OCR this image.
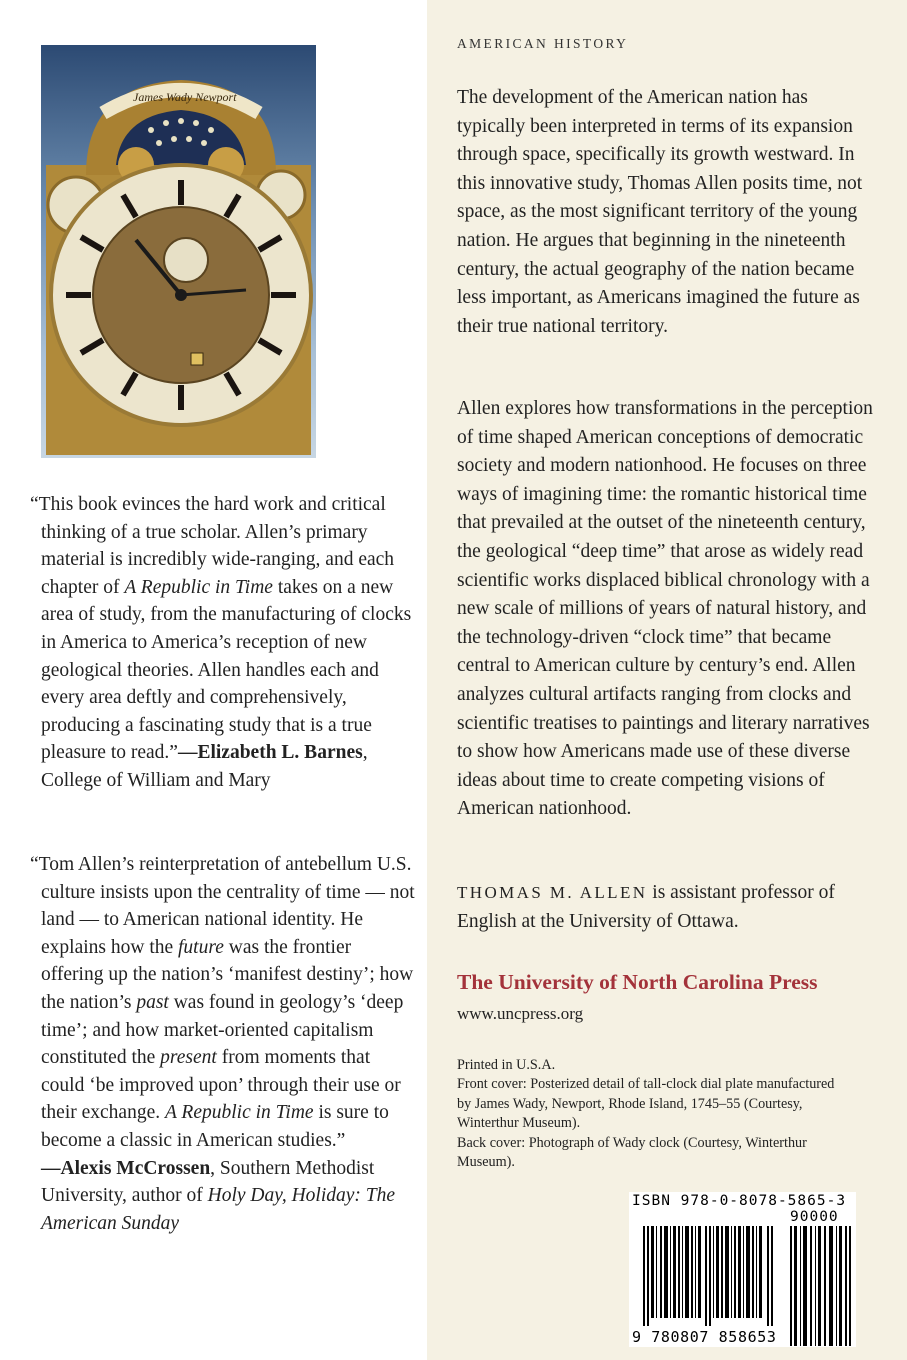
James Wady Newport

“This book evinces the hard work and critical thinking of a true scholar. Allen’s primary material is incredibly wide-ranging, and each chapter of A Republic in Time takes on a new area of study, from the manufacturing of clocks in America to America’s reception of new geological theories. Allen handles each and every area deftly and comprehensively, producing a fascinating study that is a true pleasure to read.”—Elizabeth L. Barnes, College of William and Mary

“Tom Allen’s reinterpretation of antebellum U.S. culture insists upon the centrality of time — not land — to American national identity. He explains how the future was the frontier offering up the nation’s ‘manifest destiny’; how the nation’s past was found in geology’s ‘deep time’; and how market-oriented capitalism constituted the present from moments that could ‘be improved upon’ through their use or their exchange. A Republic in Time is sure to become a classic in American studies.”

—Alexis McCrossen, Southern Methodist University, author of Holy Day, Holiday: The American Sunday

AMERICAN HISTORY
The development of the American nation has typically been interpreted in terms of its expansion through space, specifically its growth westward. In this innovative study, Thomas Allen posits time, not space, as the most significant territory of the young nation. He argues that beginning in the nineteenth century, the actual geography of the nation became less important, as Americans imagined the future as their true national territory.
Allen explores how transformations in the perception of time shaped American conceptions of democratic society and modern nationhood. He focuses on three ways of imagining time: the romantic historical time that prevailed at the outset of the nineteenth century, the geological “deep time” that arose as widely read scientific works displaced biblical chronology with a new scale of millions of years of natural history, and the technology-driven “clock time” that became central to American culture by century’s end. Allen analyzes cultural artifacts ranging from clocks and scientific treatises to paintings and literary narratives to show how Americans made use of these diverse ideas about time to create competing visions of American nationhood.
THOMAS M. ALLEN is assistant professor of English at the University of Ottawa.
The University of North Carolina Press
www.uncpress.org

Printed in U.S.A.

Front cover: Posterized detail of tall-clock dial plate manufactured by James Wady, Newport, Rhode Island, 1745–55 (Courtesy, Winterthur Museum).

Back cover: Photograph of Wady clock (Courtesy, Winterthur Museum).

ISBN 978-0-8078-5865-3
90000
9 780807 858653
